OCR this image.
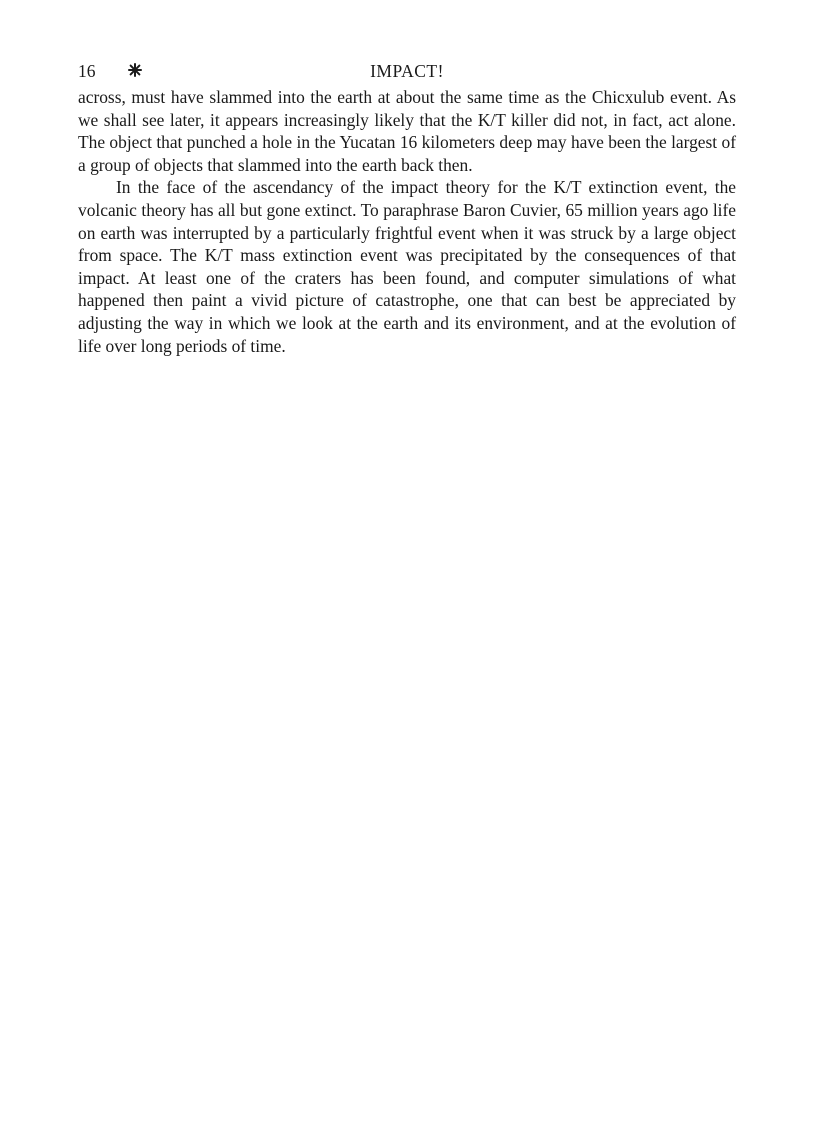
16	IMPACT!

across, must have slammed into the earth at about the same time as the Chicxulub event. As we shall see later, it appears increasingly likely that the K/T killer did not, in fact, act alone. The object that punched a hole in the Yucatan 16 kilometers deep may have been the largest of a group of objects that slammed into the earth back then.

In the face of the ascendancy of the impact theory for the K/T extinction event, the volcanic theory has all but gone extinct. To paraphrase Baron Cuvier, 65 million years ago life on earth was interrupted by a particularly frightful event when it was struck by a large object from space. The K/T mass extinction event was precipitated by the consequences of that impact. At least one of the craters has been found, and computer simulations of what happened then paint a vivid picture of catastrophe, one that can best be appreciated by adjusting the way in which we look at the earth and its environment, and at the evolution of life over long periods of time.
